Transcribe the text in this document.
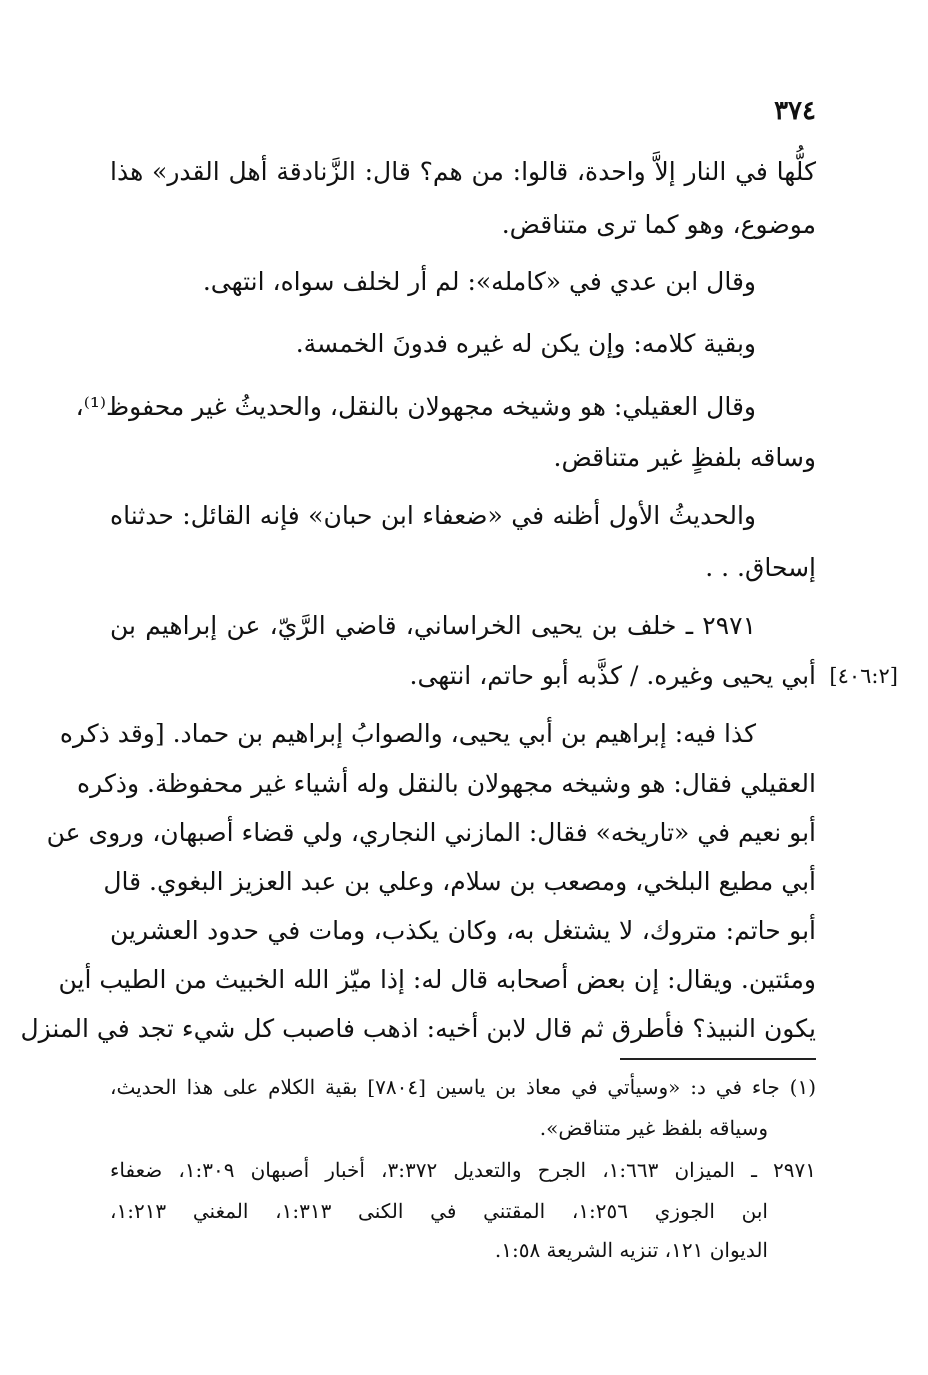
٣٧٤
كلُّها في النار إلاَّ واحدة، قالوا: من هم؟ قال: الزَّنادقة أهل القدر» هذا
موضوع، وهو كما ترى متناقض.
وقال ابن عدي في «كامله»: لم أر لخلف سواه، انتهى.
وبقية كلامه: وإن يكن له غيره فدونَ الخمسة.
وقال العقيلي: هو وشيخه مجهولان بالنقل، والحديثُ غير محفوظ⁽¹⁾،
وساقه بلفظٍ غير متناقض.
والحديثُ الأول أظنه في «ضعفاء ابن حبان» فإنه القائل: حدثناه
إسحاق. . .
٢٩٧١ ـ خلف بن يحيى الخراساني، قاضي الرَّيّ، عن إبراهيم بن
أبي يحيى وغيره. / كذَّبه أبو حاتم، انتهى. [٤٠٦:٢]
كذا فيه: إبراهيم بن أبي يحيى، والصوابُ إبراهيم بن حماد. [وقد ذكره
العقيلي فقال: هو وشيخه مجهولان بالنقل وله أشياء غير محفوظة. وذكره
أبو نعيم في «تاريخه» فقال: المازني النجاري، ولي قضاء أصبهان، وروى عن
أبي مطيع البلخي، ومصعب بن سلام، وعلي بن عبد العزيز البغوي. قال
أبو حاتم: متروك، لا يشتغل به، وكان يكذب، ومات في حدود العشرين
ومئتين. ويقال: إن بعض أصحابه قال له: إذا ميّز الله الخبيث من الطيب أين
يكون النبيذ؟ فأطرق ثم قال لابن أخيه: اذهب فاصبب كل شيء تجد في المنزل
(١) جاء في د: «وسيأتي في معاذ بن ياسين [٧٨٠٤] بقية الكلام على هذا الحديث،
وسياقه بلفظ غير متناقض».
٢٩٧١ ـ الميزان ١:٦٦٣، الجرح والتعديل ٣:٣٧٢، أخبار أصبهان ١:٣٠٩، ضعفاء
ابن الجوزي ١:٢٥٦، المقتني في الكنى ١:٣١٣، المغني ١:٢١٣،
الديوان ١٢١، تنزيه الشريعة ١:٥٨.
